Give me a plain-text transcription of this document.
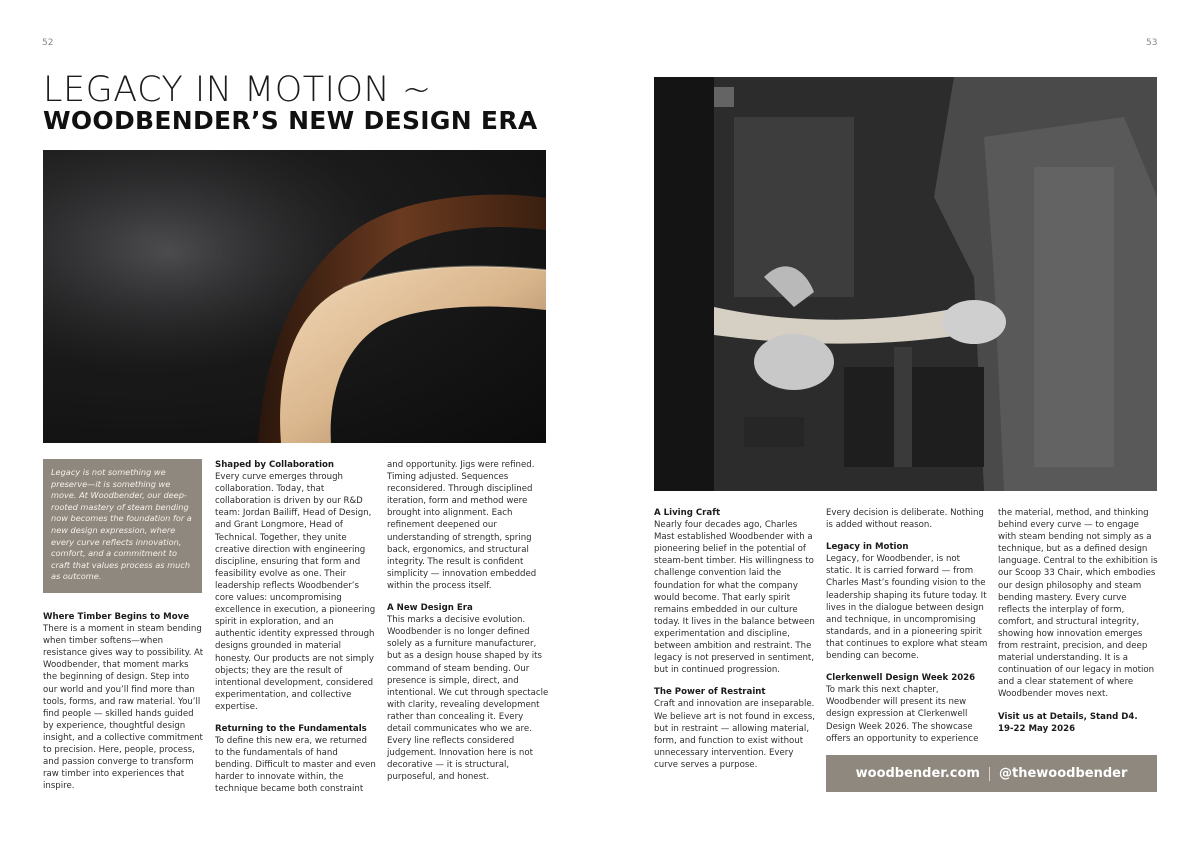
52	53
LEGACY IN MOTION ~
WOODBENDER’S NEW DESIGN ERA

Legacy is not something we preserve—it is something we move. At Woodbender, our deep-rooted mastery of steam bending now becomes the foundation for a new design expression, where every curve reflects innovation, comfort, and a commitment to craft that values process as much as outcome.

Where Timber Begins to Move

There is a moment in steam bending when timber softens—when resistance gives way to possibility. At Woodbender, that moment marks the beginning of design. Step into our world and you’ll find more than tools, forms, and raw material. You’ll find people — skilled hands guided by experience, thoughtful design insight, and a collective commitment to precision. Here, people, process, and passion converge to transform raw timber into experiences that inspire.

Shaped by Collaboration

Every curve emerges through collaboration. Today, that collaboration is driven by our R&D team: Jordan Bailiff, Head of Design, and Grant Longmore, Head of Technical. Together, they unite creative direction with engineering discipline, ensuring that form and feasibility evolve as one. Their leadership reflects Woodbender’s core values: uncompromising excellence in execution, a pioneering spirit in exploration, and an authentic identity expressed through designs grounded in material honesty. Our products are not simply objects; they are the result of intentional development, considered experimentation, and collective expertise.

Returning to the Fundamentals

To define this new era, we returned to the fundamentals of hand bending. Difficult to master and even harder to innovate within, the technique became both constraint

and opportunity. Jigs were refined. Timing adjusted. Sequences reconsidered. Through disciplined iteration, form and method were brought into alignment. Each refinement deepened our understanding of strength, spring back, ergonomics, and structural integrity. The result is confident simplicity — innovation embedded within the process itself.

A New Design Era

This marks a decisive evolution. Woodbender is no longer defined solely as a furniture manufacturer, but as a design house shaped by its command of steam bending. Our presence is simple, direct, and intentional. We cut through spectacle with clarity, revealing development rather than concealing it. Every detail communicates who we are. Every line reflects considered judgement. Innovation here is not decorative — it is structural, purposeful, and honest.

A Living Craft

Nearly four decades ago, Charles Mast established Woodbender with a pioneering belief in the potential of steam-bent timber. His willingness to challenge convention laid the foundation for what the company would become. That early spirit remains embedded in our culture today. It lives in the balance between experimentation and discipline, between ambition and restraint. The legacy is not preserved in sentiment, but in continued progression.

The Power of Restraint

Craft and innovation are inseparable. We believe art is not found in excess, but in restraint — allowing material, form, and function to exist without unnecessary intervention. Every curve serves a purpose.

Every decision is deliberate. Nothing is added without reason.

Legacy in Motion

Legacy, for Woodbender, is not static. It is carried forward — from Charles Mast’s founding vision to the leadership shaping its future today. It lives in the dialogue between design and technique, in uncompromising standards, and in a pioneering spirit that continues to explore what steam bending can become.

Clerkenwell Design Week 2026

To mark this next chapter, Woodbender will present its new design expression at Clerkenwell Design Week 2026. The showcase offers an opportunity to experience

the material, method, and thinking behind every curve — to engage with steam bending not simply as a technique, but as a defined design language. Central to the exhibition is our Scoop 33 Chair, which embodies our design philosophy and steam bending mastery. Every curve reflects the interplay of form, comfort, and structural integrity, showing how innovation emerges from restraint, precision, and deep material understanding. It is a continuation of our legacy in motion and a clear statement of where Woodbender moves next.

Visit us at Details, Stand D4.

19-22 May 2026

woodbender.com @thewoodbender
